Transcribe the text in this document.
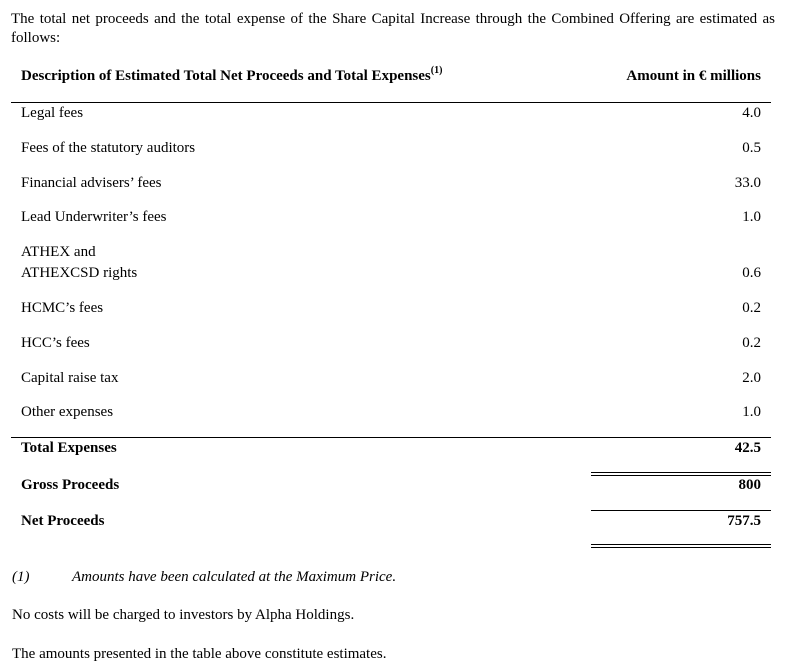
The total net proceeds and the total expense of the Share Capital Increase through the Combined Offering are estimated as follows:
Description of Estimated Total Net Proceeds and Total Expenses$^{(1)}$	Amount in € millions
Legal fees	4.0
Fees of the statutory auditors	0.5
Financial advisers’ fees	33.0
Lead Underwriter’s fees	1.0
ATHEX and
ATHEXCSD rights	0.6
HCMC’s fees	0.2
HCC’s fees	0.2
Capital raise tax	2.0
Other expenses	1.0
Total Expenses	42.5
Gross Proceeds	800
Net Proceeds	757.5
(1)	Amounts have been calculated at the Maximum Price.
No costs will be charged to investors by Alpha Holdings.
The amounts presented in the table above constitute estimates.
